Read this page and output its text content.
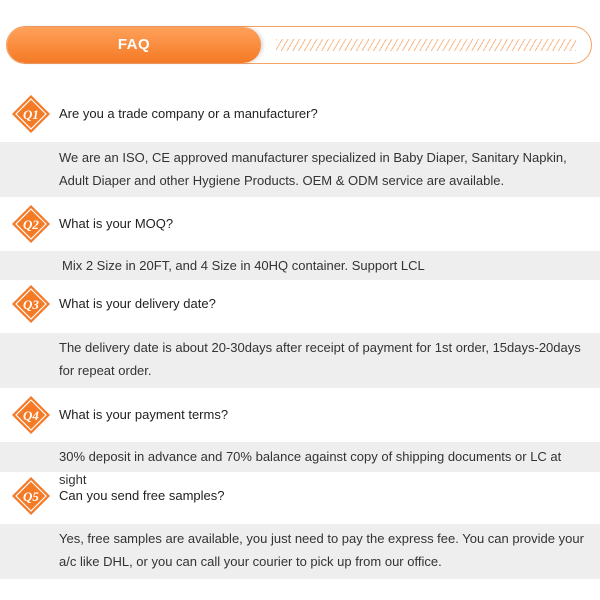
FAQ
Q1 Are you a trade company or a manufacturer?
We are an ISO, CE approved manufacturer specialized in Baby Diaper, Sanitary Napkin, Adult Diaper and other Hygiene Products. OEM & ODM service are available.
Q2 What is your MOQ?
Mix 2 Size in 20FT, and 4 Size in 40HQ container. Support LCL
Q3 What is your delivery date?
The delivery date is about 20-30days after receipt of payment for 1st order, 15days-20days for repeat order.
Q4 What is your payment terms?
30% deposit in advance and 70% balance against copy of shipping documents or LC at sight
Q5 Can you send free samples?
Yes, free samples are available, you just need to pay the express fee. You can provide your a/c like DHL, or you can call your courier to pick up from our office.
